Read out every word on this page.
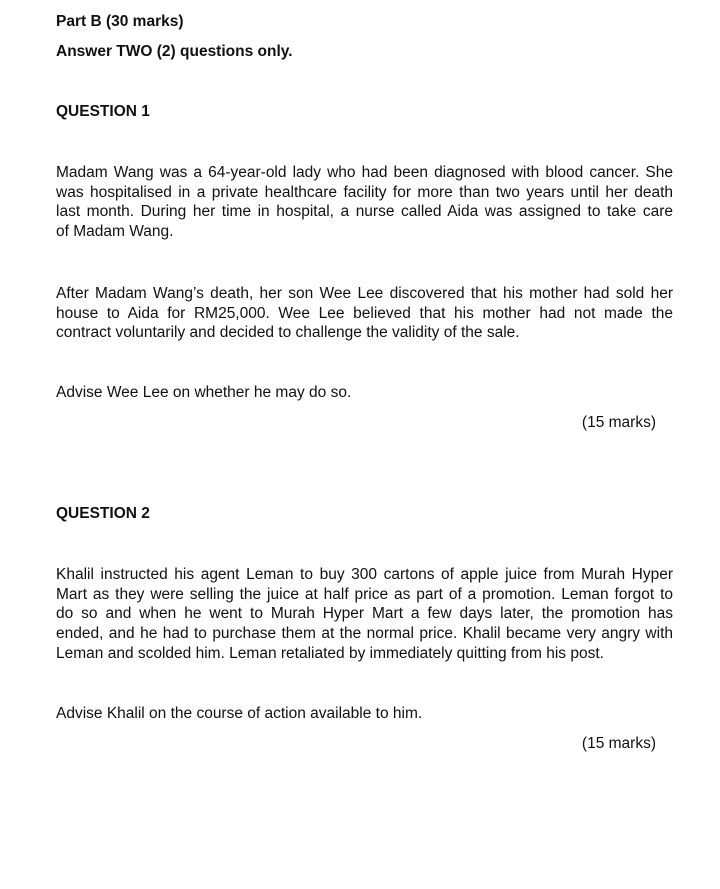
Part B (30 marks)

Answer TWO (2) questions only.

QUESTION 1

Madam Wang was a 64-year-old lady who had been diagnosed with blood cancer. She
was hospitalised in a private healthcare facility for more than two years until her death
last month. During her time in hospital, a nurse called Aida was assigned to take care
of Madam Wang.
After Madam Wang’s death, her son Wee Lee discovered that his mother had sold her
house to Aida for RM25,000. Wee Lee believed that his mother had not made the
contract voluntarily and decided to challenge the validity of the sale.

Advise Wee Lee on whether he may do so.

(15 marks)

QUESTION 2

Khalil instructed his agent Leman to buy 300 cartons of apple juice from Murah Hyper
Mart as they were selling the juice at half price as part of a promotion. Leman forgot to
do so and when he went to Murah Hyper Mart a few days later, the promotion has
ended, and he had to purchase them at the normal price. Khalil became very angry with
Leman and scolded him. Leman retaliated by immediately quitting from his post.

Advise Khalil on the course of action available to him.

(15 marks)
